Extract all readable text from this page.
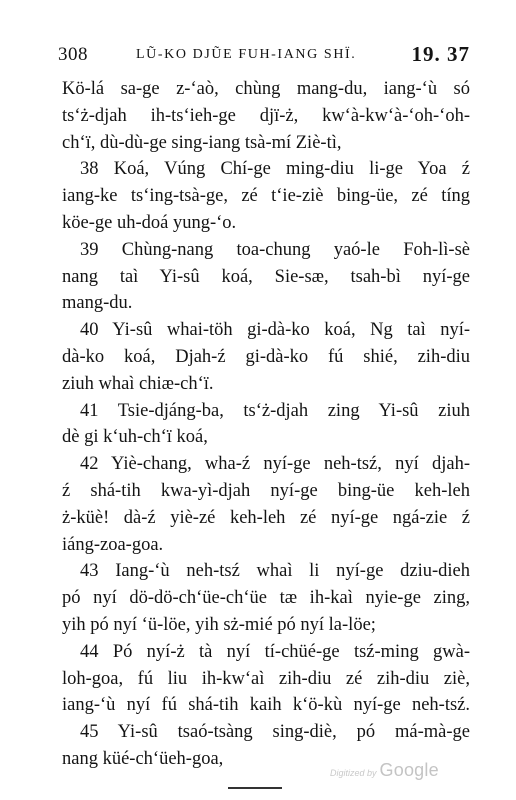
308	LŨ-KO DJŨE FUH-IANG SHÏ.	19. 37
Kö-lá sa-ge z-‘aò, chùng mang-du, iang-‘ù só
ts‘ż-djah ih-ts‘ieh-ge djï-ż, kw‘à-kw‘à-‘oh-‘oh-
ch‘ï, dù-dù-ge sing-iang tsà-mí Ziè-tì,
38 Koá, Vúng Chí-ge ming-diu li-ge Yoa ź
iang-ke ts‘ing-tsà-ge, zé t‘ie-ziè bing-üe, zé tíng
köe-ge uh-doá yung-‘o.
39 Chùng-nang toa-chung yaó-le Foh-lì-sè
nang taì Yi-sû koá, Sie-sæ, tsah-bì nyí-ge
mang-du.
40 Yi-sû whai-töh gi-dà-ko koá, Ng taì nyí-
dà-ko koá, Djah-ź gi-dà-ko fú shié, zih-diu
ziuh whaì chiæ-ch‘ï.
41 Tsie-djáng-ba, ts‘ż-djah zing Yi-sû ziuh
dè gi k‘uh-ch‘ï koá,
42 Yiè-chang, wha-ź nyí-ge neh-tsź, nyí djah-
ź shá-tih kwa-yì-djah nyí-ge bing-üe keh-leh
ż-küè! dà-ź yiè-zé keh-leh zé nyí-ge ngá-zie ź
iáng-zoa-goa.
43 Iang-‘ù neh-tsź whaì li nyí-ge dziu-dieh
pó nyí dö-dö-ch‘üe-ch‘üe tæ ih-kaì nyie-ge zing,
yih pó nyí ‘ü-löe, yih sż-mié pó nyí la-löe;
44 Pó nyí-ż tà nyí tí-chüé-ge tsź-ming gwà-
loh-goa, fú liu ih-kw‘aì zih-diu zé zih-diu ziè,
iang-‘ù nyí fú shá-tih kaih k‘ö-kù nyí-ge neh-tsź.
45 Yi-sû tsaó-tsàng sing-diè, pó má-mà-ge
nang küé-ch‘üeh-goa,
Digitized by Google
